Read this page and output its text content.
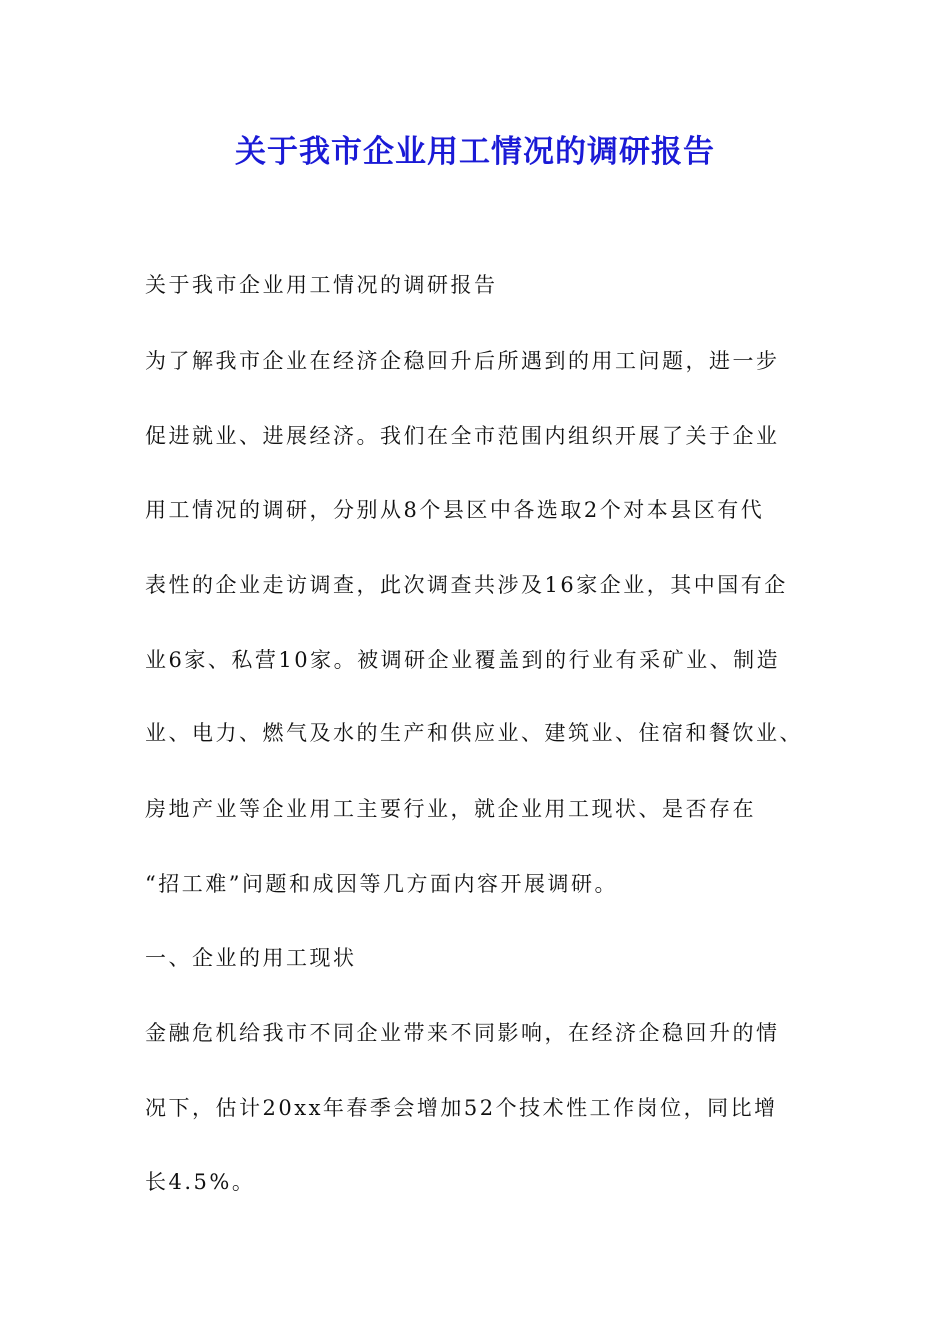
关于我市企业用工情况的调研报告

关于我市企业用工情况的调研报告

为了解我市企业在经济企稳回升后所遇到的用工问题，进一步

促进就业、进展经济。我们在全市范围内组织开展了关于企业

用工情况的调研，分别从8个县区中各选取2个对本县区有代

表性的企业走访调查，此次调查共涉及16家企业，其中国有企

业6家、私营10家。被调研企业覆盖到的行业有采矿业、制造

业、电力、燃气及水的生产和供应业、建筑业、住宿和餐饮业、

房地产业等企业用工主要行业，就企业用工现状、是否存在

“招工难”问题和成因等几方面内容开展调研。

一、企业的用工现状

金融危机给我市不同企业带来不同影响，在经济企稳回升的情

况下，估计20xx年春季会增加52个技术性工作岗位，同比增

长4.5%。
